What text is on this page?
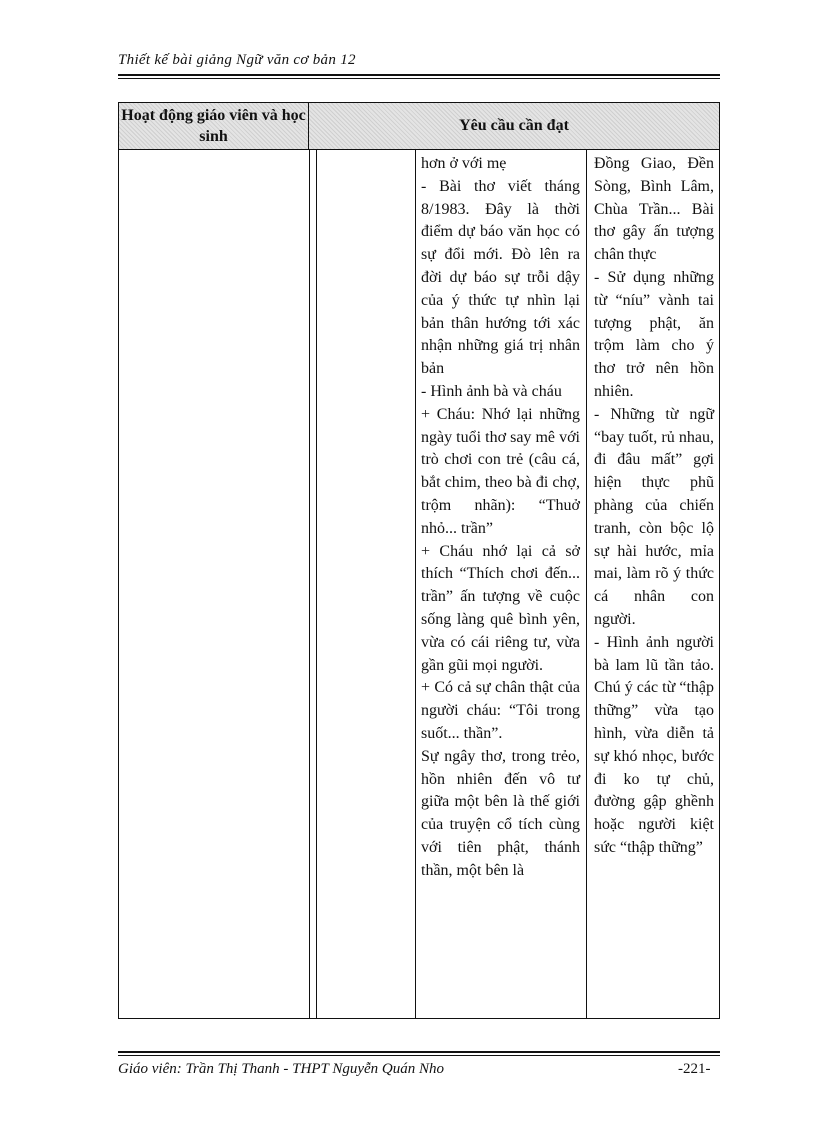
Thiết kế bài giảng Ngữ văn cơ bản 12
Hoạt động giáo viên và học sinh
Yêu cầu cần đạt

hơn ở với mẹ

- Bài thơ viết tháng 8/1983. Đây là thời điểm dự báo văn học có sự đổi mới. Đò lên ra đời dự báo sự trỗi dậy của ý thức tự nhìn lại bản thân hướng tới xác nhận những giá trị nhân bản

- Hình ảnh bà và cháu

+ Cháu: Nhớ lại những ngày tuổi thơ say mê với trò chơi con trẻ (câu cá, bắt chim, theo bà đi chợ, trộm nhãn): “Thuở nhỏ... trần”

+ Cháu nhớ lại cả sở thích “Thích chơi đến... trần” ấn tượng về cuộc sống làng quê bình yên, vừa có cái riêng tư, vừa gần gũi mọi người.

+ Có cả sự chân thật của người cháu: “Tôi trong suốt... thần”.

Sự ngây thơ, trong trẻo, hồn nhiên đến vô tư giữa một bên là thế giới của truyện cổ tích cùng với tiên phật, thánh thần, một bên là

Đồng Giao, Đền Sòng, Bình Lâm, Chùa Trần... Bài thơ gây ấn tượng chân thực

- Sử dụng những từ “níu” vành tai tượng phật, ăn trộm làm cho ý thơ trở nên hồn nhiên.

- Những từ ngữ “bay tuốt, rủ nhau, đi đâu mất” gợi hiện thực phũ phàng của chiến tranh, còn bộc lộ sự hài hước, mỉa mai, làm rõ ý thức cá nhân con người.

- Hình ảnh người bà lam lũ tần tảo. Chú ý các từ “thập thững” vừa tạo hình, vừa diễn tả sự khó nhọc, bước đi ko tự chủ, đường gập ghềnh hoặc người kiệt sức “thập thững”

Giáo viên: Trần Thị Thanh - THPT Nguyễn Quán Nho	-221-
